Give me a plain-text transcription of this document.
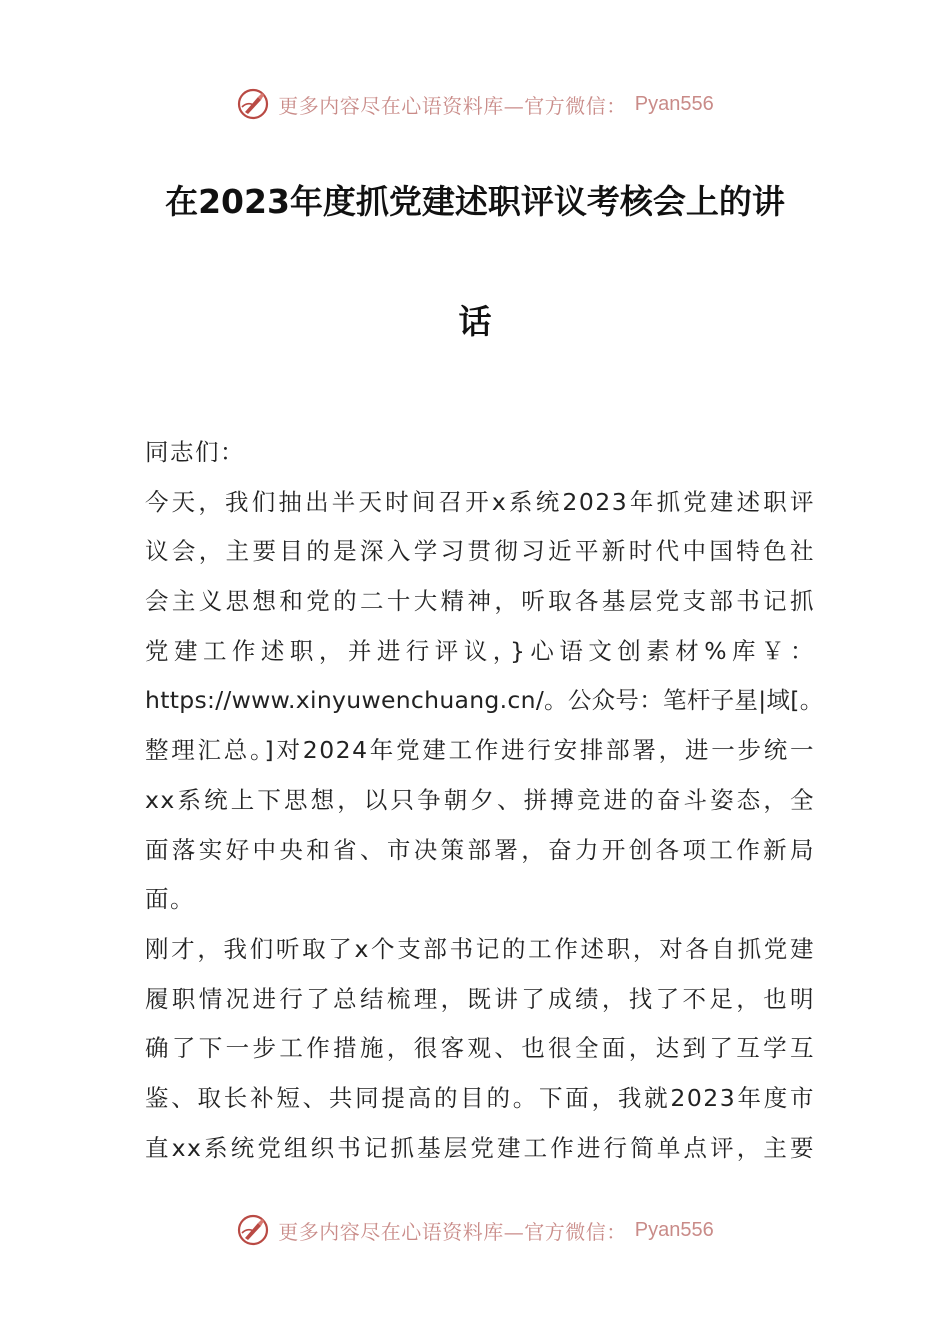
更多内容尽在心语资料库—官方微信： Pyan556
在2023年度抓党建述职评议考核会上的讲
话
同志们：
今天，我们抽出半天时间召开x系统2023年抓党建述职评
议会，主要目的是深入学习贯彻习近平新时代中国特色社
会主义思想和党的二十大精神，听取各基层党支部书记抓
党建工作述职，并进行评议，}心语文创素材%库￥：
https://www.xinyuwenchuang.cn/。公众号：笔杆子星|域[。
整理汇总。]对2024年党建工作进行安排部署，进一步统一
xx系统上下思想，以只争朝夕、拼搏竞进的奋斗姿态，全
面落实好中央和省、市决策部署，奋力开创各项工作新局
面。
刚才，我们听取了x个支部书记的工作述职，对各自抓党建
履职情况进行了总结梳理，既讲了成绩，找了不足，也明
确了下一步工作措施，很客观、也很全面，达到了互学互
鉴、取长补短、共同提高的目的。下面，我就2023年度市
直xx系统党组织书记抓基层党建工作进行简单点评，主要
更多内容尽在心语资料库—官方微信： Pyan556
